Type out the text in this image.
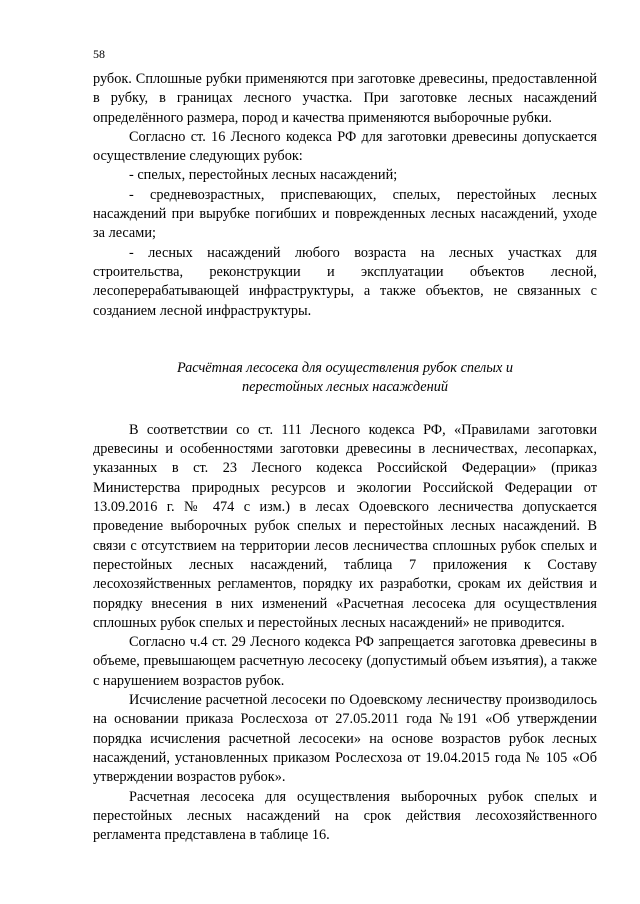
58

рубок. Сплошные рубки применяются при заготовке древесины, предоставленной в рубку, в границах лесного участка. При заготовке лесных насаждений определённого размера, пород и качества применяются выборочные рубки.

Согласно ст. 16 Лесного кодекса РФ для заготовки древесины допускается осуществление следующих рубок:

- спелых, перестойных лесных насаждений;

- средневозрастных, приспевающих, спелых, перестойных лесных насаждений при вырубке погибших и поврежденных лесных насаждений, уходе за лесами;

- лесных насаждений любого возраста на лесных участках для строительства, реконструкции и эксплуатации объектов лесной, лесоперерабатывающей инфраструктуры, а также объектов, не связанных с созданием лесной инфраструктуры.

Расчётная лесосека для осуществления рубок спелых и
перестойных лесных насаждений

В соответствии со ст. 111 Лесного кодекса РФ, «Правилами заготовки древесины и особенностями заготовки древесины в лесничествах, лесопарках, указанных в ст. 23 Лесного кодекса Российской Федерации» (приказ Министерства природных ресурсов и экологии Российской Федерации от 13.09.2016 г. № 474 с изм.) в лесах Одоевского лесничества допускается проведение выборочных рубок спелых и перестойных лесных насаждений. В связи с отсутствием на территории лесов лесничества сплошных рубок спелых и перестойных лесных насаждений, таблица 7 приложения к Составу лесохозяйственных регламентов, порядку их разработки, срокам их действия и порядку внесения в них изменений «Расчетная лесосека для осуществления сплошных рубок спелых и перестойных лесных насаждений» не приводится.

Согласно ч.4 ст. 29 Лесного кодекса РФ запрещается заготовка древесины в объеме, превышающем расчетную лесосеку (допустимый объем изъятия), а также с нарушением возрастов рубок.

Исчисление расчетной лесосеки по Одоевскому лесничеству производилось на основании приказа Рослесхоза от 27.05.2011 года №191 «Об утверждении порядка исчисления расчетной лесосеки» на основе возрастов рубок лесных насаждений, установленных приказом Рослесхоза от 19.04.2015 года № 105 «Об утверждении возрастов рубок».

Расчетная лесосека для осуществления выборочных рубок спелых и перестойных лесных насаждений на срок действия лесохозяйственного регламента представлена в таблице 16.
